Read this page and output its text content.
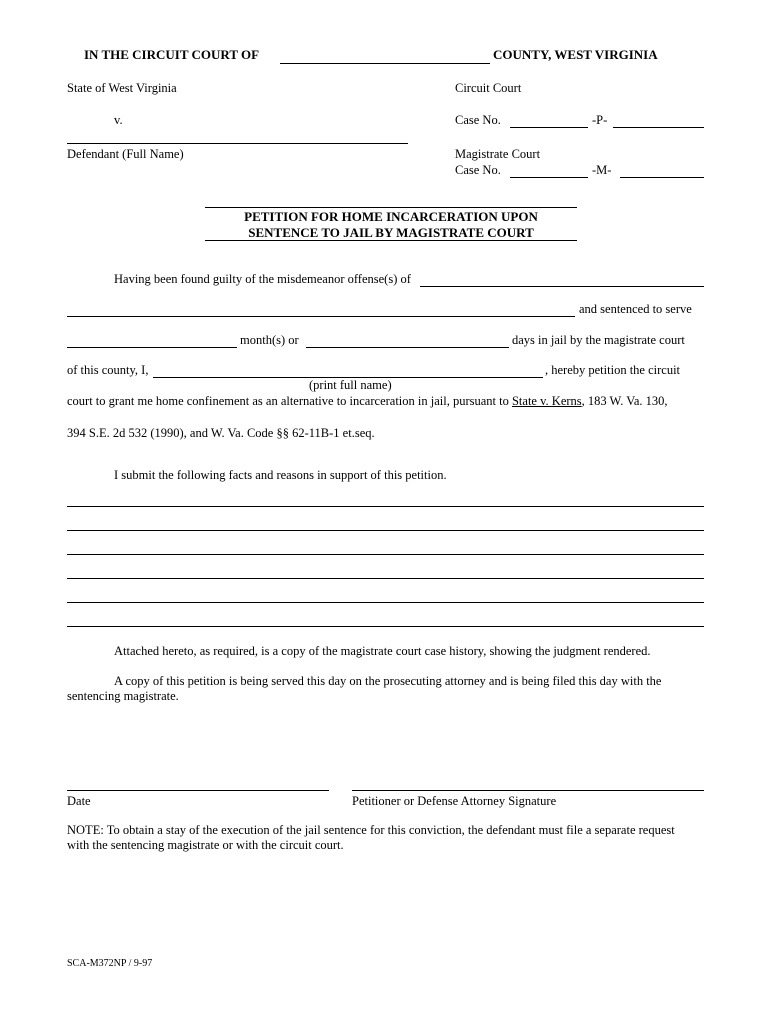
IN THE CIRCUIT COURT OF	COUNTY, WEST VIRGINIA
State of West Virginia
v.
Defendant (Full Name)
Circuit Court
Case No.	-P-
Magistrate Court
Case No.	-M-
PETITION FOR HOME INCARCERATION UPON
SENTENCE TO JAIL BY MAGISTRATE COURT
Having been found guilty of the misdemeanor offense(s) of
and sentenced to serve
month(s) or	days in jail by the magistrate court
of this county, I,	, hereby petition the circuit
(print full name)
court to grant me home confinement as an alternative to incarceration in jail, pursuant to State v. Kerns, 183 W. Va. 130,
394 S.E. 2d 532 (1990), and W. Va. Code §§ 62-11B-1 et.seq.
I submit the following facts and reasons in support of this petition.
Attached hereto, as required, is a copy of the magistrate court case history, showing the judgment rendered.
A copy of this petition is being served this day on the prosecuting attorney and is being filed this day with the
sentencing magistrate.
Date	Petitioner or Defense Attorney Signature
NOTE: To obtain a stay of the execution of the jail sentence for this conviction, the defendant must file a separate request
with the sentencing magistrate or with the circuit court.
SCA-M372NP / 9-97
